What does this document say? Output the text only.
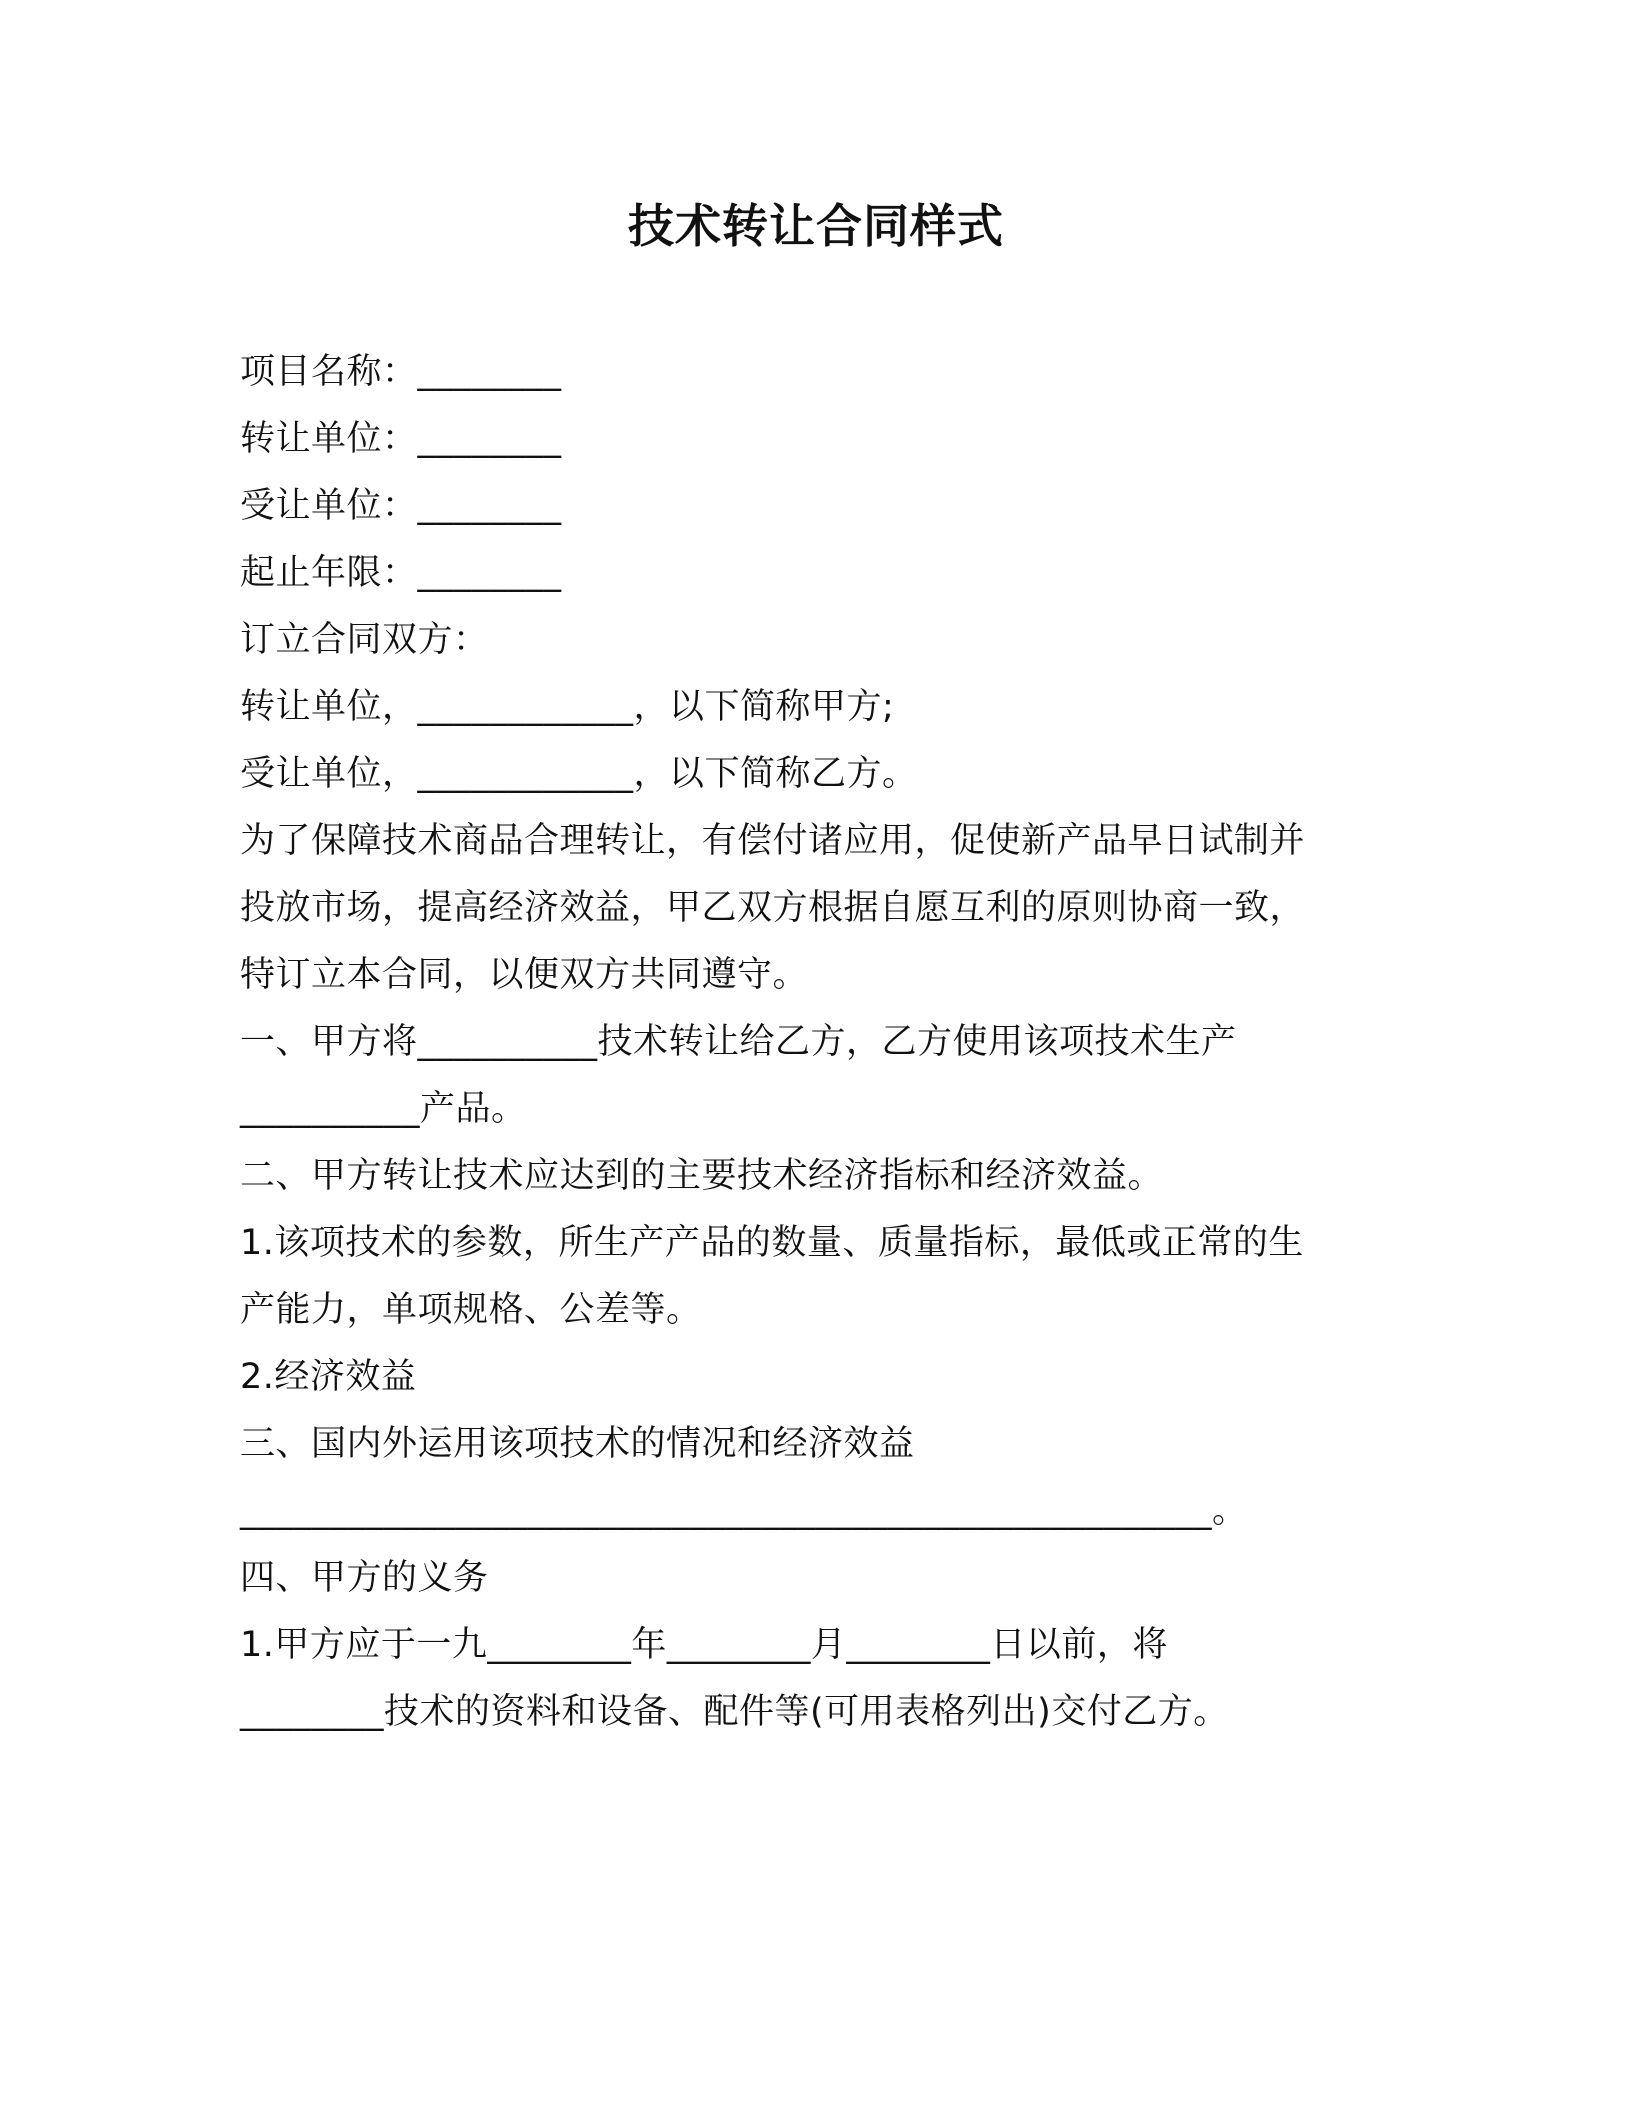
技术转让合同样式
项目名称：________
转让单位：________
受让单位：________
起止年限：________
订立合同双方：
转让单位，____________，以下简称甲方;
受让单位，____________，以下简称乙方。
为了保障技术商品合理转让，有偿付诸应用，促使新产品早日试制并
投放市场，提高经济效益，甲乙双方根据自愿互利的原则协商一致，
特订立本合同，以便双方共同遵守。
一、甲方将__________技术转让给乙方，乙方使用该项技术生产
__________产品。
二、甲方转让技术应达到的主要技术经济指标和经济效益。
1.该项技术的参数，所生产产品的数量、质量指标，最低或正常的生
产能力，单项规格、公差等。
2.经济效益
三、国内外运用该项技术的情况和经济效益
______________________________________________________。
四、甲方的义务
1.甲方应于一九________年________月________日以前，将
________技术的资料和设备、配件等(可用表格列出)交付乙方。
